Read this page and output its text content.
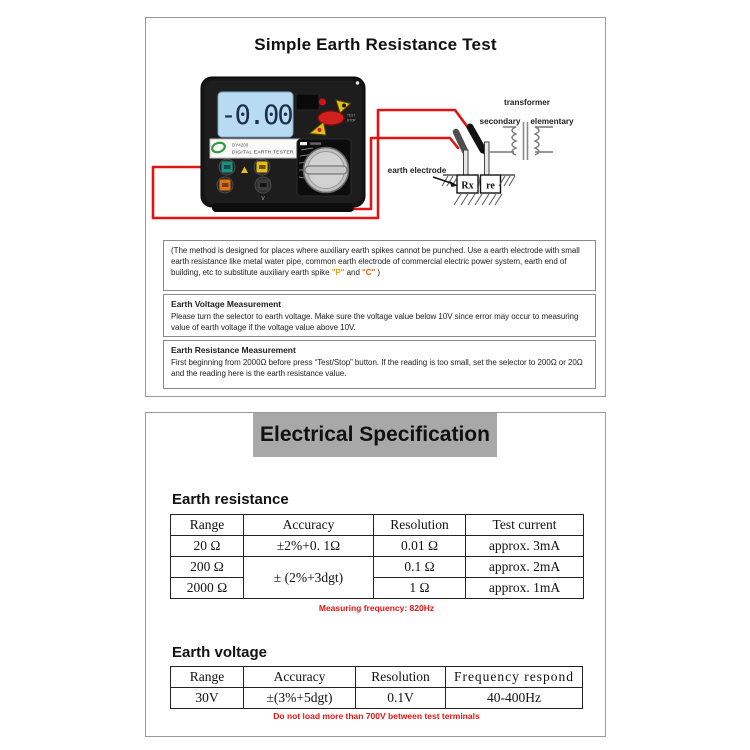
Simple Earth Resistance Test
-0.00
DY4200
DIGITAL EARTH TESTER
TEST
STOP
V
Rx re
transformer
secondary elementary
earth electrode
(The method is designed for places where auxiliary earth spikes cannot be punched. Use a earth electrode with small earth resistance like metal water pipe, common earth electrode of commercial electric power system, earth end of building, etc to substitute auxiliary earth spike "P" and "C" )
Earth Voltage Measurement
Please turn the selector to earth voltage. Make sure the voltage value below 10V since error may occur to measuring value of earth voltage if the voltage value above 10V.
Earth Resistance Measurement
First beginning from 2000Ω before press “Test/Stop” button. If the reading is too small, set the selector to 200Ω or 20Ω and the reading here is the earth resistance value.
Electrical Specification
Earth resistance
Range	Accuracy	Resolution	Test current
20 Ω	±2%+0. 1Ω	0.01 Ω	approx. 3mA
200 Ω	± (2%+3dgt)	0.1 Ω	approx. 2mA
2000 Ω		1 Ω	approx. 1mA
Measuring frequency: 820Hz
Earth voltage
Range	Accuracy	Resolution	Frequency respond
30V	±(3%+5dgt)	0.1V	40-400Hz
Do not load more than 700V between test terminals
